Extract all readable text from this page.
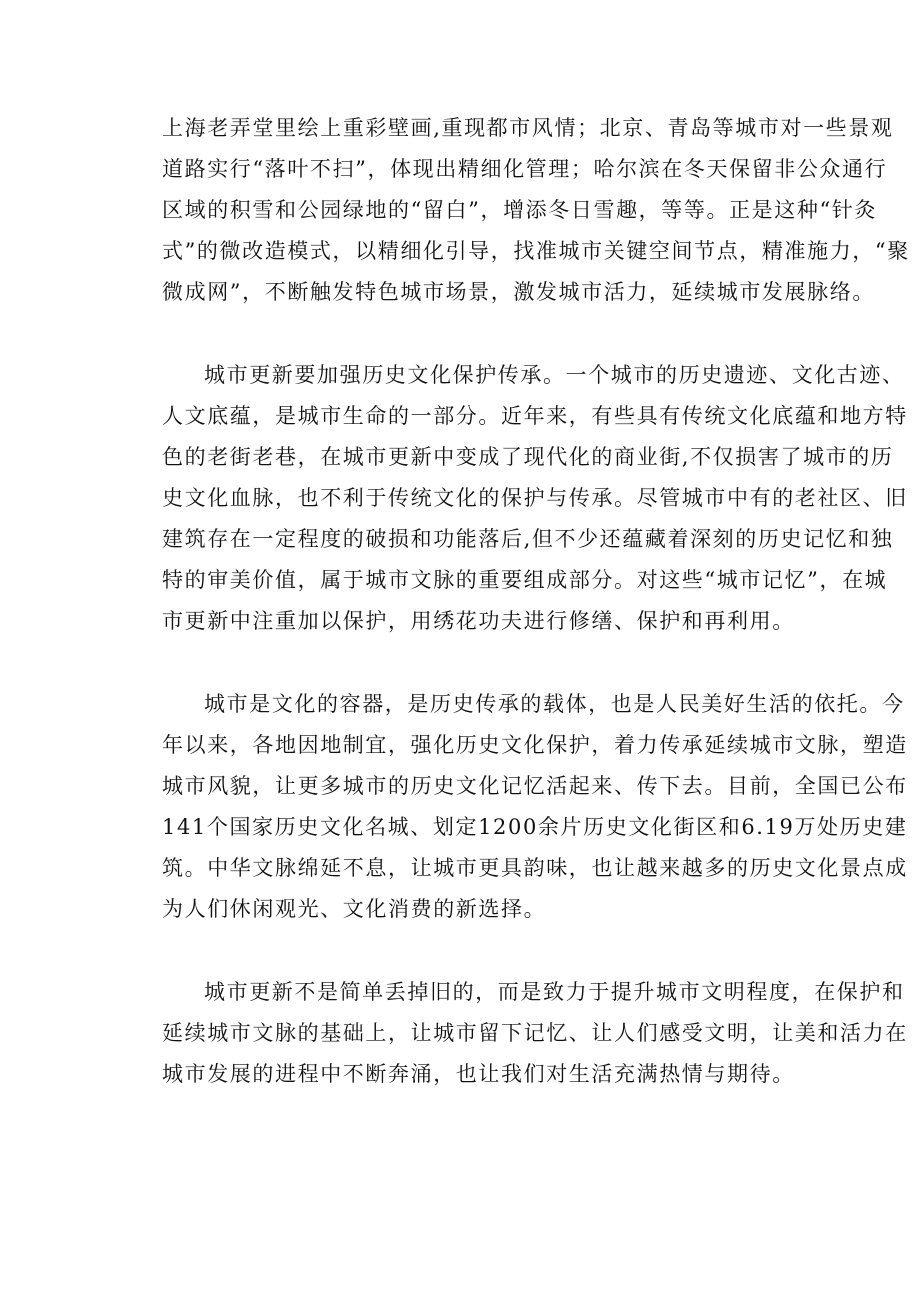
上海老弄堂里绘上重彩壁画,重现都市风情；北京、青岛等城市对一些景观
道路实行“落叶不扫”，体现出精细化管理；哈尔滨在冬天保留非公众通行
区域的积雪和公园绿地的“留白”，增添冬日雪趣，等等。正是这种“针灸
式”的微改造模式，以精细化引导，找准城市关键空间节点，精准施力，“聚
微成网”，不断触发特色城市场景，激发城市活力，延续城市发展脉络。
城市更新要加强历史文化保护传承。一个城市的历史遗迹、文化古迹、
人文底蕴，是城市生命的一部分。近年来，有些具有传统文化底蕴和地方特
色的老街老巷，在城市更新中变成了现代化的商业街,不仅损害了城市的历
史文化血脉，也不利于传统文化的保护与传承。尽管城市中有的老社区、旧
建筑存在一定程度的破损和功能落后,但不少还蕴藏着深刻的历史记忆和独
特的审美价值，属于城市文脉的重要组成部分。对这些“城市记忆”，在城
市更新中注重加以保护，用绣花功夫进行修缮、保护和再利用。
城市是文化的容器，是历史传承的载体，也是人民美好生活的依托。今
年以来，各地因地制宜，强化历史文化保护，着力传承延续城市文脉，塑造
城市风貌，让更多城市的历史文化记忆活起来、传下去。目前，全国已公布
141个国家历史文化名城、划定1200余片历史文化街区和6.19万处历史建
筑。中华文脉绵延不息，让城市更具韵味，也让越来越多的历史文化景点成
为人们休闲观光、文化消费的新选择。
城市更新不是简单丢掉旧的，而是致力于提升城市文明程度，在保护和
延续城市文脉的基础上，让城市留下记忆、让人们感受文明，让美和活力在
城市发展的进程中不断奔涌，也让我们对生活充满热情与期待。
